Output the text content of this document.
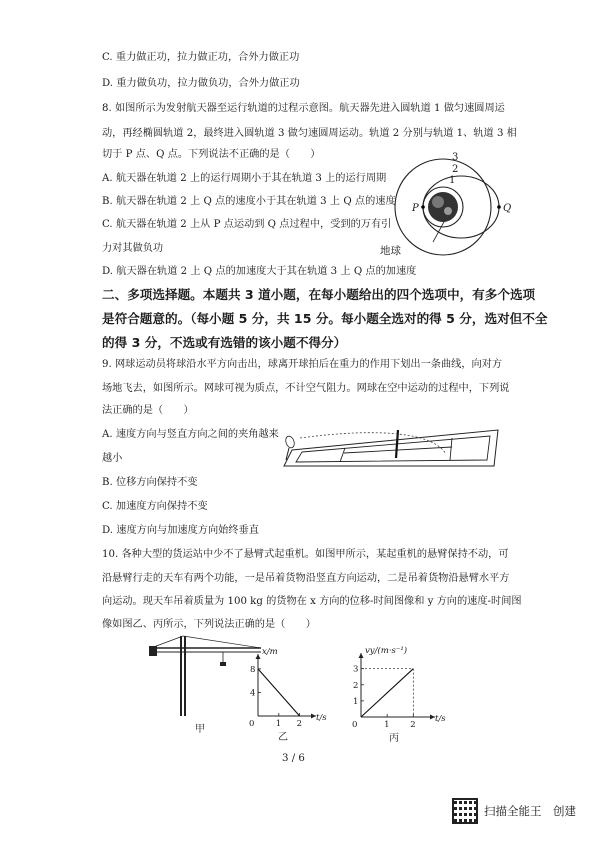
C. 重力做正功，拉力做正功，合外力做正功
D. 重力做负功，拉力做负功，合外力做正功
8. 如图所示为发射航天器至运行轨道的过程示意图。航天器先进入圆轨道 1 做匀速圆周运
动，再经椭圆轨道 2，最终进入圆轨道 3 做匀速圆周运动。轨道 2 分别与轨道 1、轨道 3 相
切于 P 点、Q 点。下列说法不正确的是（　　）
A. 航天器在轨道 2 上的运行周期小于其在轨道 3 上的运行周期
B. 航天器在轨道 2 上 Q 点的速度小于其在轨道 3 上 Q 点的速度
C. 航天器在轨道 2 上从 P 点运动到 Q 点过程中，受到的万有引
力对其做负功
D. 航天器在轨道 2 上 Q 点的加速度大于其在轨道 3 上 Q 点的加速度
二、多项选择题。本题共 3 道小题，在每小题给出的四个选项中，有多个选项
是符合题意的。（每小题 5 分，共 15 分。每小题全选对的得 5 分，选对但不全
的得 3 分，不选或有选错的该小题不得分）
9. 网球运动员将球沿水平方向击出，球离开球拍后在重力的作用下划出一条曲线，向对方
场地飞去，如图所示。网球可视为质点，不计空气阻力。网球在空中运动的过程中，下列说
法正确的是（　　）
A. 速度方向与竖直方向之间的夹角越来
越小
B. 位移方向保持不变
C. 加速度方向保持不变
D. 速度方向与加速度方向始终垂直
10. 各种大型的货运站中少不了悬臂式起重机。如图甲所示，某起重机的悬臂保持不动，可
沿悬臂行走的天车有两个功能，一是吊着货物沿竖直方向运动，二是吊着货物沿悬臂水平方
向运动。现天车吊着质量为 100 kg 的货物在 x 方向的位移-时间图像和 y 方向的速度-时间图
像如图乙、丙所示，下列说法正确的是（　　）
3
2
1
P	Q
地球
甲
x/m
t/s
0	1 2
4
8
乙
vy/(m·s⁻¹)
t/s
0	1 2
1
2
3
丙
3 / 6
扫描全能王　创建
